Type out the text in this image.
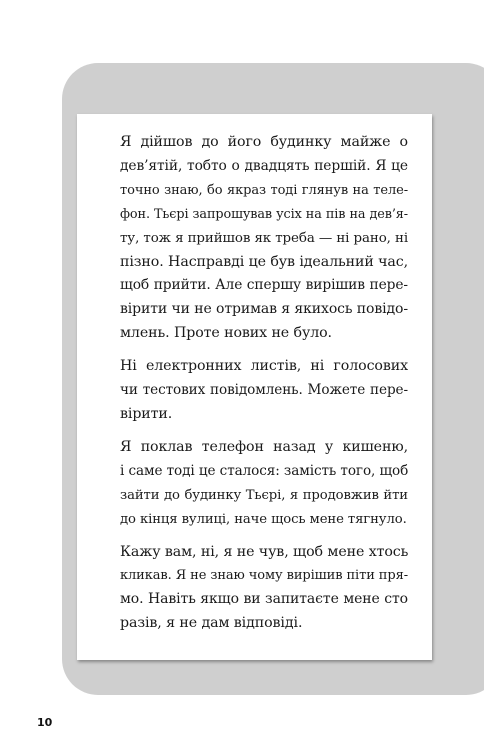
Я дійшов до його будинку майже о
дев’ятій, тобто о двадцять першій. Я це
точно знаю, бо якраз тоді глянув на теле-
фон. Тьєрі запрошував усіх на пів на дев’я-
ту, тож я прийшов як треба — ні рано, ні
пізно. Насправді це був ідеальний час,
щоб прийти. Але спершу вирішив пере-
вірити чи не отримав я якихось повідо-
млень. Проте нових не було.

Ні електронних листів, ні голосових
чи тестових повідомлень. Можете пере-
вірити.

Я поклав телефон назад у кишеню,
і саме тоді це сталося: замість того, щоб
зайти до будинку Тьєрі, я продовжив йти
до кінця вулиці, наче щось мене тягнуло.

Кажу вам, ні, я не чув, щоб мене хтось
кликав. Я не знаю чому вирішив піти пря-
мо. Навіть якщо ви запитаєте мене сто
разів, я не дам відповіді.

10
